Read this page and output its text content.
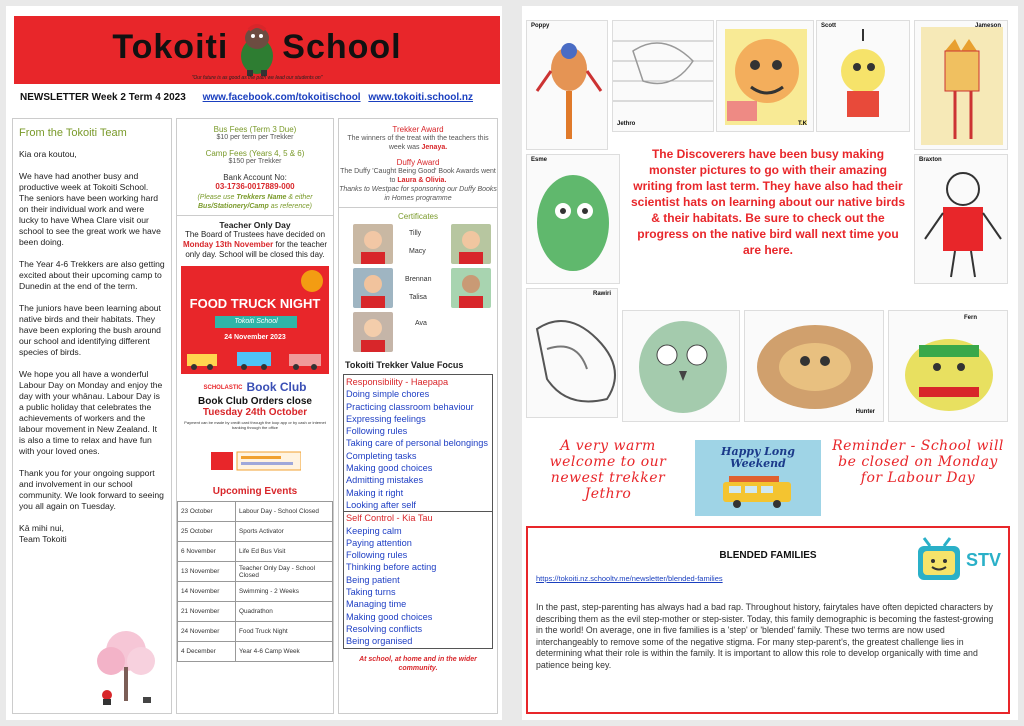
Tokoiti School
"Our future is as good as the path we lead our students on"
NEWSLETTER Week 2 Term 4 2023 www.facebook.com/tokoitischool www.tokoiti.school.nz
From the Tokoiti Team

Kia ora koutou,

We have had another busy and productive week at Tokoiti School. The seniors have been working hard on their individual work and were lucky to have Whea Clare visit our school to see the great work we have been doing.

The Year 4-6 Trekkers are also getting excited about their upcoming camp to Dunedin at the end of the term.

The juniors have been learning about native birds and their habitats. They have been exploring the bush around our school and identifying different species of birds.

We hope you all have a wonderful Labour Day on Monday and enjoy the day with your whānau. Labour Day is a public holiday that celebrates the achievements of workers and the labour movement in New Zealand. It is also a time to relax and have fun with your loved ones.

Thank you for your ongoing support and involvement in our school community. We look forward to seeing you all again on Tuesday.

Kā mihi nui,
Team Tokoiti

Bus Fees (Term 3 Due)
$10 per term per Trekker
Camp Fees (Years 4, 5 & 6)
$150 per Trekker
Bank Account No:
03-1736-0017889-000
(Please use Trekkers Name & either Bus/Stationery/Camp as reference)
Teacher Only Day
The Board of Trustees have decided on Monday 13th November for the teacher only day. School will be closed this day.
FOOD TRUCK NIGHT
Tokoiti School
24 November 2023
SCHOLASTIC Book Club
Book Club Orders close
Tuesday 24th October
Payment can be made by credit card through the loop app or by cash or internet banking through the office
Upcoming Events
23 October	Labour Day - School Closed
25 October	Sports Activator
6 November	Life Ed Bus Visit
13 November	Teacher Only Day - School Closed
14 November	Swimming - 2 Weeks
21 November	Quadrathon
24 November	Food Truck Night
4 December	Year 4-6 Camp Week
Trekker Award
The winners of the treat with the teachers this week was Jenaya.
Duffy Award
The Duffy 'Caught Being Good' Book Awards went to Laura & Olivia.
Thanks to Westpac for sponsoring our Duffy Books in Homes programme
Certificates
Tilly
Macy
Brennan
Talisa
Ava
Tokoiti Trekker Value Focus
Responsibility - Haepapa
Doing simple chores
Practicing classroom behaviour
Expressing feelings
Following rules
Taking care of personal belongings
Completing tasks
Making good choices
Admitting mistakes
Making it right
Looking after self
Self Control - Kia Tau
Keeping calm
Paying attention
Following rules
Thinking before acting
Being patient
Taking turns
Managing time
Making good choices
Resolving conflicts
Being organised
At school, at home and in the wider community.
Poppy
Jethro	T.K
Scott	Jameson
Esme	The Discoverers have been busy making monster pictures to go with their amazing writing from last term. They have also had their scientist hats on learning about our native birds & their habitats. Be sure to check out the progress on the native bird wall next time you are here.
Braxton
Rawiri
Hunter
Fern
A very warm welcome to our newest trekker Jethro
Happy Long Weekend
Reminder - School will be closed on Monday for Labour Day
BLENDED FAMILIES
https://tokoiti.nz.schooltv.me/newsletter/blended-families
STV
In the past, step-parenting has always had a bad rap. Throughout history, fairytales have often depicted characters by describing them as the evil step-mother or step-sister. Today, this family demographic is becoming the fastest-growing in the world! On average, one in five families is a 'step' or 'blended' family. These two terms are now used interchangeably to remove some of the negative stigma. For many step-parent's, the greatest challenge lies in determining what their role is within the family. It is important to allow this role to develop organically with time and patience being key.
